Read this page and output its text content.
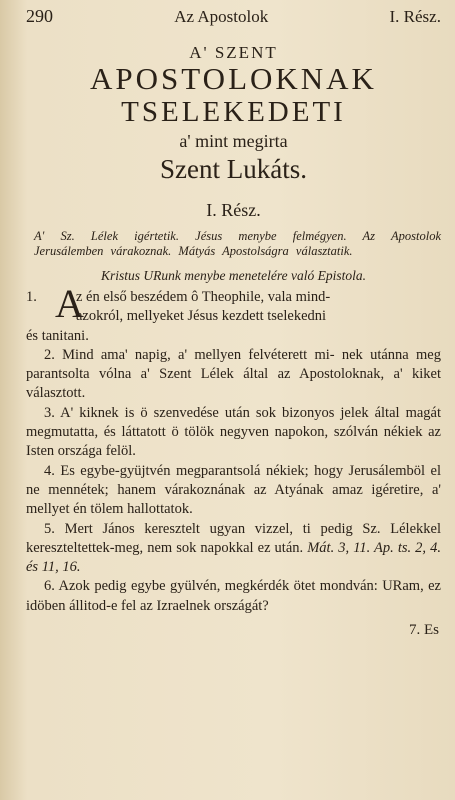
290	Az Apostolok	I. Rész.
A' SZENT
APOSTOLOKNAK
TSELEKEDETI
a' mint megirta
Szent Lukáts.
I. Rész.
A' Sz. Lélek igértetik. Jésus menybe felmégyen. Az Apostolok Jerusálemben várakoznak. Mátyás Apostolságra választatik.
Kristus URunk menybe menetelére való Epistola.
1. A
z én első beszédem ô Theophile, vala mind-
azokról, mellyeket Jésus kezdett tselekedni
és tanitani.

2. Mind ama' napig, a' mellyen felvéterett mi- nek utánna meg parantsolta vólna a' Szent Lélek által az Apostoloknak, a' kiket választott.

3. A' kiknek is ö szenvedése után sok bizonyos jelek által magát megmutatta, és láttatott ö tölök negyven napokon, szólván nékiek az Isten országa felöl.

4. Es egybe-gyüjtvén megparantsolá nékiek; hogy Jerusálemböl el ne mennétek; hanem várakoznának az Atyának amaz igéretire, a' mellyet én tölem hallottatok.

5. Mert János keresztelt ugyan vizzel, ti pedig Sz. Lélekkel kereszteltettek-meg, nem sok napokkal ez után. Mát. 3, 11. Ap. ts. 2, 4. és 11, 16.

6. Azok pedig egybe gyülvén, megkérdék ötet mondván: URam, ez idöben állitod-e fel az Izraelnek országát?

7. Es
